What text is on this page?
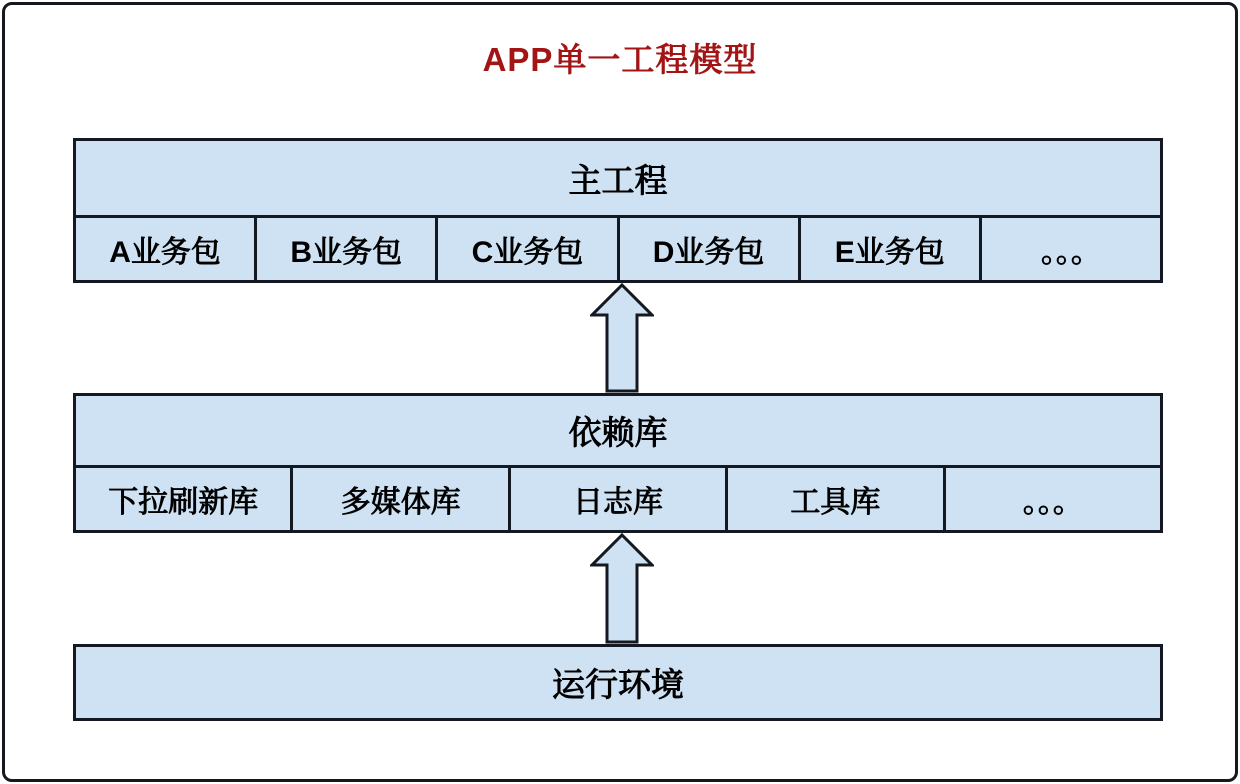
APP单一工程模型
主工程
A业务包	B业务包	C业务包	D业务包	E业务包	。。。
依赖库
下拉刷新库	多媒体库	日志库	工具库	。。。
运行环境
